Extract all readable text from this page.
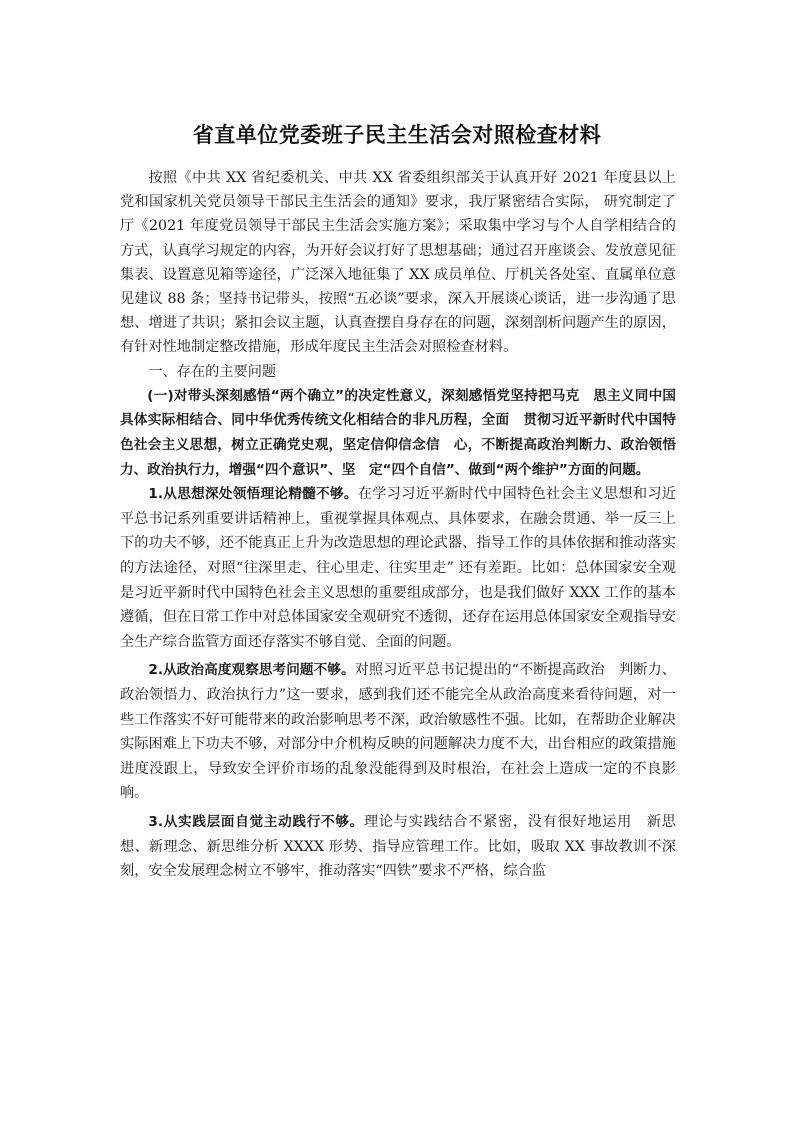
省直单位党委班子民主生活会对照检查材料

按照《中共 XX 省纪委机关、中共 XX 省委组织部关于认真开好 2021 年度县以上党和国家机关党员领导干部民主生活会的通知》要求，我厅紧密结合实际， 研究制定了厅《2021 年度党员领导干部民主生活会实施方案》；采取集中学习与个人自学相结合的方式，认真学习规定的内容，为开好会议打好了思想基础；通过召开座谈会、发放意见征集表、设置意见箱等途径，广泛深入地征集了 XX 成员单位、厅机关各处室、直属单位意见建议 88 条；坚持书记带头，按照“五必谈”要求，深入开展谈心谈话，进一步沟通了思想、增进了共识；紧扣会议主题，认真查摆自身存在的问题，深刻剖析问题产生的原因，有针对性地制定整改措施，形成年度民主生活会对照检查材料。

一、存在的主要问题

(一)对带头深刻感悟“两个确立”的决定性意义，深刻感悟党坚持把马克　思主义同中国具体实际相结合、同中华优秀传统文化相结合的非凡历程，全面　贯彻习近平新时代中国特色社会主义思想，树立正确党史观，坚定信仰信念信　心，不断提高政治判断力、政治领悟力、政治执行力，增强“四个意识”、坚　定“四个自信”、做到“两个维护”方面的问题。

1.从思想深处领悟理论精髓不够。在学习习近平新时代中国特色社会主义思想和习近平总书记系列重要讲话精神上，重视掌握具体观点、具体要求，在融会贯通、举一反三上下的功夫不够，还不能真正上升为改造思想的理论武器、指导工作的具体依据和推动落实的方法途径，对照“往深里走、往心里走、往实里走” 还有差距。比如：总体国家安全观是习近平新时代中国特色社会主义思想的重要组成部分，也是我们做好 XXX 工作的基本遵循，但在日常工作中对总体国家安全观研究不透彻，还存在运用总体国家安全观指导安全生产综合监管方面还存落实不够自觉、全面的问题。

2.从政治高度观察思考问题不够。对照习近平总书记提出的“不断提高政治　判断力、政治领悟力、政治执行力”这一要求，感到我们还不能完全从政治高度来看待问题，对一些工作落实不好可能带来的政治影响思考不深，政治敏感性不强。比如，在帮助企业解决实际困难上下功夫不够，对部分中介机构反映的问题解决力度不大，出台相应的政策措施进度没跟上，导致安全评价市场的乱象没能得到及时根治，在社会上造成一定的不良影响。

3.从实践层面自觉主动践行不够。理论与实践结合不紧密，没有很好地运用　新思想、新理念、新思维分析 XXXX 形势、指导应管理工作。比如，吸取 XX 事故教训不深刻，安全发展理念树立不够牢，推动落实“四铁”要求不严格，综合监
